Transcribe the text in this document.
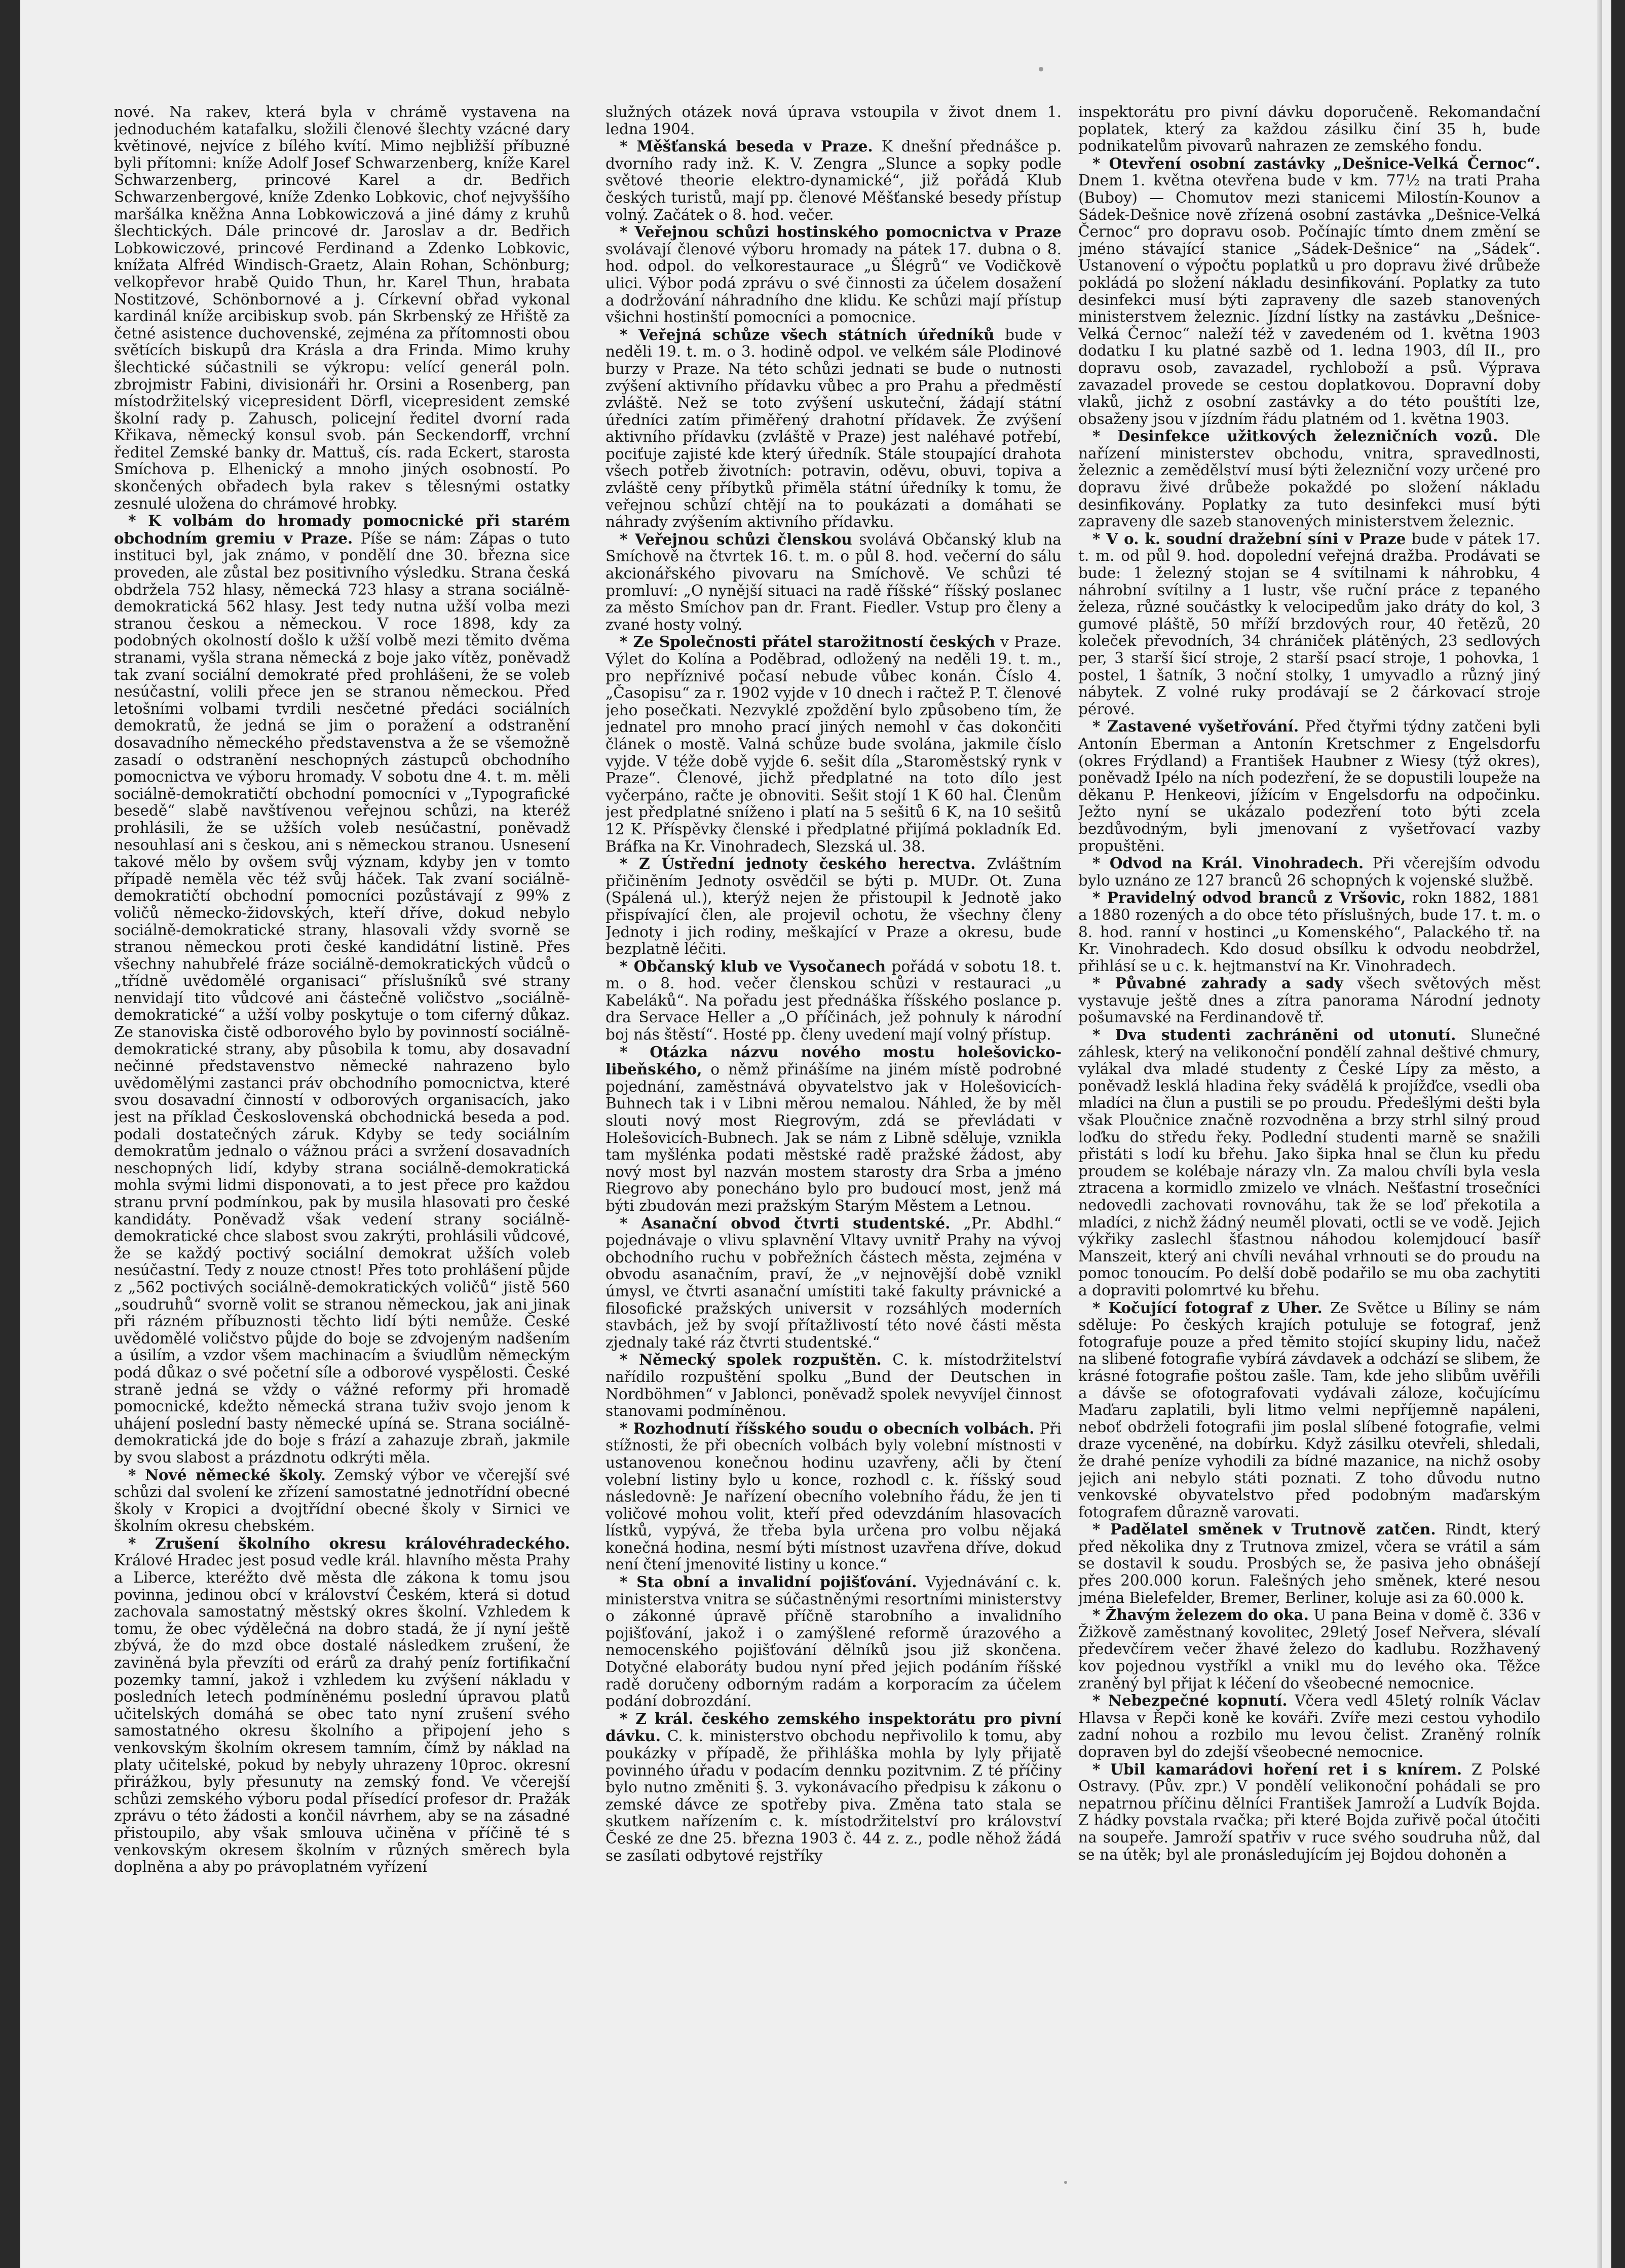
nové. Na rakev, která byla v chrámě vystavena na jednoduchém katafalku, složili členové šlechty vzácné dary květinové, nejvíce z bílého kvítí. Mimo nejbližší příbuzné byli přítomni: kníže Adolf Josef Schwarzenberg, kníže Karel Schwarzenberg, princové Karel a dr. Bedřich Schwarzenbergové, kníže Zdenko Lobkovic, choť nejvyššího maršálka kněžna Anna Lobkowiczová a jiné dámy z kruhů šlechtických. Dále princové dr. Jaroslav a dr. Bedřich Lobkowiczové, princové Ferdinand a Zdenko Lobkovic, knížata Alfréd Windisch-Graetz, Alain Rohan, Schönburg; velkopřevor hrabě Quido Thun, hr. Karel Thun, hrabata Nostitzové, Schönbornové a j. Církevní obřad vykonal kardinál kníže arcibiskup svob. pán Skrbenský ze Hřiště za četné asistence duchovenské, zejména za přítomnosti obou světících biskupů dra Krásla a dra Frinda. Mimo kruhy šlechtické súčastnili se výkropu: velící generál poln. zbrojmistr Fabini, divisionáři hr. Orsini a Rosenberg, pan místodržitelský vicepresident Dörfl, vicepresident zemské školní rady p. Zahusch, policejní ředitel dvorní rada Křikava, německý konsul svob. pán Seckendorff, vrchní ředitel Zemské banky dr. Mattuš, cís. rada Eckert, starosta Smíchova p. Elhenický a mnoho jiných osobností. Po skončených obřadech byla rakev s tělesnými ostatky zesnulé uložena do chrámové hrobky.

* K volbám do hromady pomocnické při starém obchodním gremiu v Praze. Píše se nám: Zápas o tuto instituci byl, jak známo, v pondělí dne 30. března sice proveden, ale zůstal bez positivního výsledku. Strana česká obdržela 752 hlasy, německá 723 hlasy a strana sociálně-demokratická 562 hlasy. Jest tedy nutna užší volba mezi stranou českou a německou. V roce 1898, kdy za podobných okolností došlo k užší volbě mezi těmito dvěma stranami, vyšla strana německá z boje jako vítěz, poněvadž tak zvaní sociální demokraté před prohlášeni, že se voleb nesúčastní, volili přece jen se stranou německou. Před letošními volbami tvrdili nesčetné předáci sociálních demokratů, že jedná se jim o poražení a odstranění dosavadního německého představenstva a že se všemožně zasadí o odstranění neschopných zástupců obchodního pomocnictva ve výboru hromady. V sobotu dne 4. t. m. měli sociálně-demokratičtí obchodní pomocníci v „Typografické besedě“ slabě navštívenou veřejnou schůzi, na kteréž prohlásili, že se užších voleb nesúčastní, poněvadž nesouhlasí ani s českou, ani s německou stranou. Usnesení takové mělo by ovšem svůj význam, kdyby jen v tomto případě neměla věc též svůj háček. Tak zvaní sociálně-demokratičtí obchodní pomocníci pozůstávají z 99% z voličů německo-židovských, kteří dříve, dokud nebylo sociálně-demokratické strany, hlasovali vždy svorně se stranou německou proti české kandidátní listině. Přes všechny nahubřelé fráze sociálně-demokratických vůdců o „třídně uvědomělé organisaci“ příslušníků své strany nenvidají tito vůdcové ani částečně voličstvo „sociálně-demokratické“ a užší volby poskytuje o tom ciferný důkaz. Ze stanoviska čistě odborového bylo by povinností sociálně-demokratické strany, aby působila k tomu, aby dosavadní nečinné představenstvo německé nahrazeno bylo uvědomělými zastanci práv obchodního pomocnictva, které svou dosavadní činností v odborových organisacích, jako jest na příklad Československá obchodnická beseda a pod. podali dostatečných záruk. Kdyby se tedy sociálním demokratům jednalo o vážnou práci a svržení dosavadních neschopných lidí, kdyby strana sociálně-demokratická mohla svými lidmi disponovati, a to jest přece pro každou stranu první podmínkou, pak by musila hlasovati pro české kandidáty. Poněvadž však vedení strany sociálně-demokratické chce slabost svou zakrýti, prohlásili vůdcové, že se každý poctivý sociální demokrat užších voleb nesúčastní. Tedy z nouze ctnost! Přes toto prohlášení půjde z „562 poctivých sociálně-demokratických voličů“ jistě 560 „soudruhů“ svorně volit se stranou německou, jak ani jinak při rázném příbuznosti těchto lidí býti nemůže. České uvědomělé voličstvo půjde do boje se zdvojeným nadšením a úsilím, a vzdor všem machinacím a šviudlům německým podá důkaz o své početní síle a odborové vyspělosti. České straně jedná se vždy o vážné reformy při hromadě pomocnické, kdežto německá strana tuživ svojo jenom k uhájení poslední basty německé upíná se. Strana sociálně-demokratická jde do boje s frází a zahazuje zbraň, jakmile by svou slabost a prázdnotu odkrýti měla.

* Nové německé školy. Zemský výbor ve včerejší své schůzi dal svolení ke zřízení samostatné jednotřídní obecné školy v Kropici a dvojtřídní obecné školy v Sirnici ve školním okresu chebském.

* Zrušení školního okresu královéhradeckého. Králové Hradec jest posud vedle král. hlavního města Prahy a Liberce, kteréžto dvě města dle zákona k tomu jsou povinna, jedinou obcí v království Českém, která si dotud zachovala samostatný městský okres školní. Vzhledem k tomu, že obec výdělečná na dobro stadá, že jí nyní ještě zbývá, že do mzd obce dostalé následkem zrušení, že zaviněná byla převzíti od erárů za drahý peníz fortifikační pozemky tamní, jakož i vzhledem ku zvýšení nákladu v posledních letech podmíněnému poslední úpravou platů učitelských domáhá se obec tato nyní zrušení svého samostatného okresu školního a připojení jeho s venkovským školním okresem tamním, čímž by náklad na platy učitelské, pokud by nebyly uhrazeny 10proc. okresní přirážkou, byly přesunuty na zemský fond. Ve včerejší schůzi zemského výboru podal přísedící profesor dr. Pražák zprávu o této žádosti a končil návrhem, aby se na zásadné přistoupilo, aby však smlouva učiněna v příčině té s venkovským okresem školním v různých směrech byla doplněna a aby po právoplatném vyřízení

služných otázek nová úprava vstoupila v život dnem 1. ledna 1904.

* Měšťanská beseda v Praze. K dnešní přednášce p. dvorního rady inž. K. V. Zengra „Slunce a sopky podle světové theorie elektro-dynamické“, již pořádá Klub českých turistů, mají pp. členové Měšťanské besedy přístup volný. Začátek o 8. hod. večer.

* Veřejnou schůzi hostinského pomocnictva v Praze svolávají členové výboru hromady na pátek 17. dubna o 8. hod. odpol. do velkorestaurace „u Šlégrů“ ve Vodičkově ulici. Výbor podá zprávu o své činnosti za účelem dosažení a dodržování náhradního dne klidu. Ke schůzi mají přístup všichni hostinští pomocníci a pomocnice.

* Veřejná schůze všech státních úředníků bude v neděli 19. t. m. o 3. hodině odpol. ve velkém sále Plodinové burzy v Praze. Na této schůzi jednati se bude o nutnosti zvýšení aktivního přídavku vůbec a pro Prahu a předměstí zvláště. Než se toto zvýšení uskuteční, žádají státní úředníci zatím přiměřený drahotní přídavek. Že zvýšení aktivního přídavku (zvláště v Praze) jest naléhavé potřebí, pociťuje zajisté kde který úředník. Stále stoupající drahota všech potřeb životních: potravin, oděvu, obuvi, topiva a zvláště ceny příbytků přiměla státní úředníky k tomu, že veřejnou schůzí chtějí na to poukázati a domáhati se náhrady zvýšením aktivního přídavku.

* Veřejnou schůzi členskou svolává Občanský klub na Smíchově na čtvrtek 16. t. m. o půl 8. hod. večerní do sálu akcionářského pivovaru na Smíchově. Ve schůzi té promluví: „O nynější situaci na radě říšské“ říšský poslanec za město Smíchov pan dr. Frant. Fiedler. Vstup pro členy a zvané hosty volný.

* Ze Společnosti přátel starožitností českých v Praze. Výlet do Kolína a Poděbrad, odložený na neděli 19. t. m., pro nepříznivé počasí nebude vůbec konán. Číslo 4. „Časopisu“ za r. 1902 vyjde v 10 dnech i račtež P. T. členové jeho posečkati. Nezvyklé zpoždění bylo způsobeno tím, že jednatel pro mnoho prací jiných nemohl v čas dokončiti článek o mostě. Valná schůze bude svolána, jakmile číslo vyjde. V téže době vyjde 6. sešit díla „Staroměstský rynk v Praze“. Členové, jichž předplatné na toto dílo jest vyčerpáno, račte je obnoviti. Sešit stojí 1 K 60 hal. Členům jest předplatné sníženo i platí na 5 sešitů 6 K, na 10 sešitů 12 K. Příspěvky členské i předplatné přijímá pokladník Ed. Bráfka na Kr. Vinohradech, Slezská ul. 38.

* Z Ústřední jednoty českého herectva. Zvláštním přičiněním Jednoty osvědčil se býti p. MUDr. Ot. Zuna (Spálená ul.), kterýž nejen že přistoupil k Jednotě jako přispívající člen, ale projevil ochotu, že všechny členy Jednoty i jich rodiny, meškající v Praze a okresu, bude bezplatně léčiti.

* Občanský klub ve Vysočanech pořádá v sobotu 18. t. m. o 8. hod. večer členskou schůzi v restauraci „u Kabeláků“. Na pořadu jest přednáška říšského poslance p. dra Servace Heller a „O příčinách, jež pohnuly k národní boj nás štěstí“. Hosté pp. členy uvedení mají volný přístup.

* Otázka názvu nového mostu holešovicko-libeňského, o němž přinášíme na jiném místě podrobné pojednání, zaměstnává obyvatelstvo jak v Holešovicích-Buhnech tak i v Libni měrou nemalou. Náhled, že by měl slouti nový most Riegrovým, zdá se převládati v Holešovicích-Bubnech. Jak se nám z Libně sděluje, vznikla tam myšlénka podati městské radě pražské žádost, aby nový most byl nazván mostem starosty dra Srba a jméno Riegrovo aby ponecháno bylo pro budoucí most, jenž má býti zbudován mezi pražským Starým Městem a Letnou.

* Asanační obvod čtvrti studentské. „Pr. Abdhl.“ pojednávaje o vlivu splavnění Vltavy uvnitř Prahy na vývoj obchodního ruchu v pobřežních částech města, zejména v obvodu asanačním, praví, že „v nejnovější době vznikl úmysl, ve čtvrti asanační umístiti také fakulty právnické a filosofické pražských universit v rozsáhlých moderních stavbách, jež by svojí přítažlivostí této nové části města zjednaly také ráz čtvrti studentské.“

* Německý spolek rozpuštěn. C. k. místodržitelství nařídilo rozpuštění spolku „Bund der Deutschen in Nordböhmen“ v Jablonci, poněvadž spolek nevyvíjel činnost stanovami podmíněnou.

* Rozhodnutí říšského soudu o obecních volbách. Při stížnosti, že při obecních volbách byly volební místnosti v ustanovenou konečnou hodinu uzavřeny, ačli by čtení volební listiny bylo u konce, rozhodl c. k. říšský soud následovně: Je nařízení obecního volebního řádu, že jen ti voličové mohou volit, kteří před odevzdáním hlasovacích lístků, vypývá, že třeba byla určena pro volbu nějaká konečná hodina, nesmí býti místnost uzavřena dříve, dokud není čtení jmenovité listiny u konce.“

* Sta obní a invalidní pojišťování. Vyjednávání c. k. ministerstva vnitra se súčastněnými resortními ministerstvy o zákonné úpravě příčně starobního a invalidního pojišťování, jakož i o zamýšlené reformě úrazového a nemocenského pojišťování dělníků jsou již skončena. Dotyčné elaboráty budou nyní před jejich podáním říšské radě doručeny odborným radám a korporacím za účelem podání dobrozdání.

* Z král. českého zemského inspektorátu pro pivní dávku. C. k. ministerstvo obchodu nepřivolilo k tomu, aby poukázky v případě, že přihláška mohla by lyly přijatě povinného úřadu v podacím dennku pozitvnim. Z té příčiny bylo nutno změniti §. 3. vykonávacího předpisu k zákonu o zemské dávce ze spotřeby piva. Změna tato stala se skutkem nařízením c. k. místodržitelství pro království České ze dne 25. března 1903 č. 44 z. z., podle něhož žádá se zasílati odbytové rejstříky

inspektorátu pro pivní dávku doporučeně. Rekomandační poplatek, který za každou zásilku činí 35 h, bude podnikatelům pivovarů nahrazen ze zemského fondu.

* Otevření osobní zastávky „Dešnice-Velká Černoc“. Dnem 1. května otevřena bude v km. 77½ na trati Praha (Buboy) — Chomutov mezi stanicemi Milostín-Kounov a Sádek-Dešnice nově zřízená osobní zastávka „Dešnice-Velká Černoc“ pro dopravu osob. Počínajíc tímto dnem změní se jméno stávající stanice „Sádek-Dešnice“ na „Sádek“. Ustanovení o výpočtu poplatků u pro dopravu živé drůbeže pokládá po složení nákladu desinfikování. Poplatky za tuto desinfekci musí býti zapraveny dle sazeb stanovených ministerstvem železnic. Jízdní lístky na zastávku „Dešnice-Velká Černoc“ naleží též v zavedeném od 1. května 1903 dodatku I ku platné sazbě od 1. ledna 1903, díl II., pro dopravu osob, zavazadel, rychloboží a psů. Výprava zavazadel provede se cestou doplatkovou. Dopravní doby vlaků, jichž z osobní zastávky a do této pouštíti lze, obsaženy jsou v jízdním řádu platném od 1. května 1903.

* Desinfekce užitkových železničních vozů. Dle nařízení ministerstev obchodu, vnitra, spravedlnosti, železnic a zemědělství musí býti železniční vozy určené pro dopravu živé drůbeže pokaždé po složení nákladu desinfikovány. Poplatky za tuto desinfekci musí býti zapraveny dle sazeb stanovených ministerstvem železnic.

* V o. k. soudní dražební síni v Praze bude v pátek 17. t. m. od půl 9. hod. dopolední veřejná dražba. Prodávati se bude: 1 železný stojan se 4 svítilnami k náhrobku, 4 náhrobní svítilny a 1 lustr, vše ruční práce z tepaného železa, různé součástky k velocipedům jako dráty do kol, 3 gumové pláště, 50 mříží brzdových rour, 40 řetězů, 20 koleček převodních, 34 chrániček plátěných, 23 sedlových per, 3 starší šicí stroje, 2 starší psací stroje, 1 pohovka, 1 postel, 1 šatník, 3 noční stolky, 1 umyvadlo a různý jiný nábytek. Z volné ruky prodávají se 2 čárkovací stroje pérové.

* Zastavené vyšetřování. Před čtyřmi týdny zatčeni byli Antonín Eberman a Antonín Kretschmer z Engelsdorfu (okres Frýdland) a František Haubner z Wiesy (týž okres), poněvadž Ipélo na ních podezření, že se dopustili loupeže na děkanu P. Henkeovi, jížícím v Engelsdorfu na odpočinku. Ježto nyní se ukázalo podezření toto býti zcela bezdůvodným, byli jmenovaní z vyšetřovací vazby propuštěni.

* Odvod na Král. Vinohradech. Při včerejším odvodu bylo uznáno ze 127 branců 26 schopných k vojenské službě.

* Pravidelný odvod branců z Vršovic, rokn 1882, 1881 a 1880 rozených a do obce této příslušných, bude 17. t. m. o 8. hod. ranní v hostinci „u Komenského“, Palackého tř. na Kr. Vinohradech. Kdo dosud obsílku k odvodu neobdržel, přihlásí se u c. k. hejtmanství na Kr. Vinohradech.

* Půvabné zahrady a sady všech světových měst vystavuje ještě dnes a zítra panorama Národní jednoty pošumavské na Ferdinandově tř.

* Dva studenti zachráněni od utonutí. Slunečné záhlesk, který na velikonoční pondělí zahnal deštivé chmury, vylákal dva mladé studenty z České Lípy za město, a poněvadž lesklá hladina řeky svádělá k projížďce, vsedli oba mladíci na člun a pustili se po proudu. Předešlými dešti byla však Ploučnice značně rozvodněna a brzy strhl silný proud loďku do středu řeky. Podlední studenti marně se snažili přistáti s lodí ku břehu. Jako šipka hnal se člun ku předu proudem se kolébaje nárazy vln. Za malou chvíli byla vesla ztracena a kormidlo zmizelo ve vlnách. Nešťastní trosečníci nedovedli zachovati rovnováhu, tak že se loď překotila a mladíci, z nichž žádný neuměl plovati, octli se ve vodě. Jejich výkřiky zaslechl šťastnou náhodou kolemjdoucí basíř Manszeit, který ani chvíli neváhal vrhnouti se do proudu na pomoc tonoucím. Po delší době podařilo se mu oba zachytiti a dopraviti polomrtvé ku břehu.

* Kočující fotograf z Uher. Ze Světce u Bíliny se nám sděluje: Po českých krajích potuluje se fotograf, jenž fotografuje pouze a před těmito stojící skupiny lidu, načež na slibené fotografie vybírá závdavek a odchází se slibem, že krásné fotografie poštou zašle. Tam, kde jeho slibům uvěřili a dávše se ofotografovati vydávali záloze, kočujícímu Maďaru zaplatili, byli litmo velmi nepříjemně napáleni, neboť obdrželi fotografii jim poslal slíbené fotografie, velmi draze vyceněné, na dobírku. Když zásilku otevřeli, shledali, že drahé peníze vyhodili za bídné mazanice, na nichž osoby jejich ani nebylo státi poznati. Z toho důvodu nutno venkovské obyvatelstvo před podobným maďarským fotografem důrazně varovati.

* Padělatel směnek v Trutnově zatčen. Rindt, který před několika dny z Trutnova zmizel, včera se vrátil a sám se dostavil k soudu. Prosbých se, že pasiva jeho obnášejí přes 200.000 korun. Falešných jeho směnek, které nesou jména Bielefelder, Bremer, Berliner, koluje asi za 60.000 k.

* Žhavým železem do oka. U pana Beina v domě č. 336 v Žižkově zaměstnaný kovolitec, 29letý Josef Neřvera, slévalí předevčírem večer žhavé železo do kadlubu. Rozžhavený kov pojednou vystříkl a vnikl mu do levého oka. Těžce zraněný byl přijat k léčení do všeobecné nemocnice.

* Nebezpečné kopnutí. Včera vedl 45letý rolník Václav Hlavsa v Řepči koně ke kováři. Zvíře mezi cestou vyhodilo zadní nohou a rozbilo mu levou čelist. Zraněný rolník dopraven byl do zdejší všeobecné nemocnice.

* Ubil kamarádovi hoření ret i s knírem. Z Polské Ostravy. (Pův. zpr.) V pondělí velikonoční pohádali se pro nepatrnou příčinu dělníci František Jamroží a Ludvík Bojda. Z hádky povstala rvačka; při které Bojda zuřivě počal útočiti na soupeře. Jamroží spatřiv v ruce svého soudruha nůž, dal se na útěk; byl ale pronásledujícím jej Bojdou dohoněn a
